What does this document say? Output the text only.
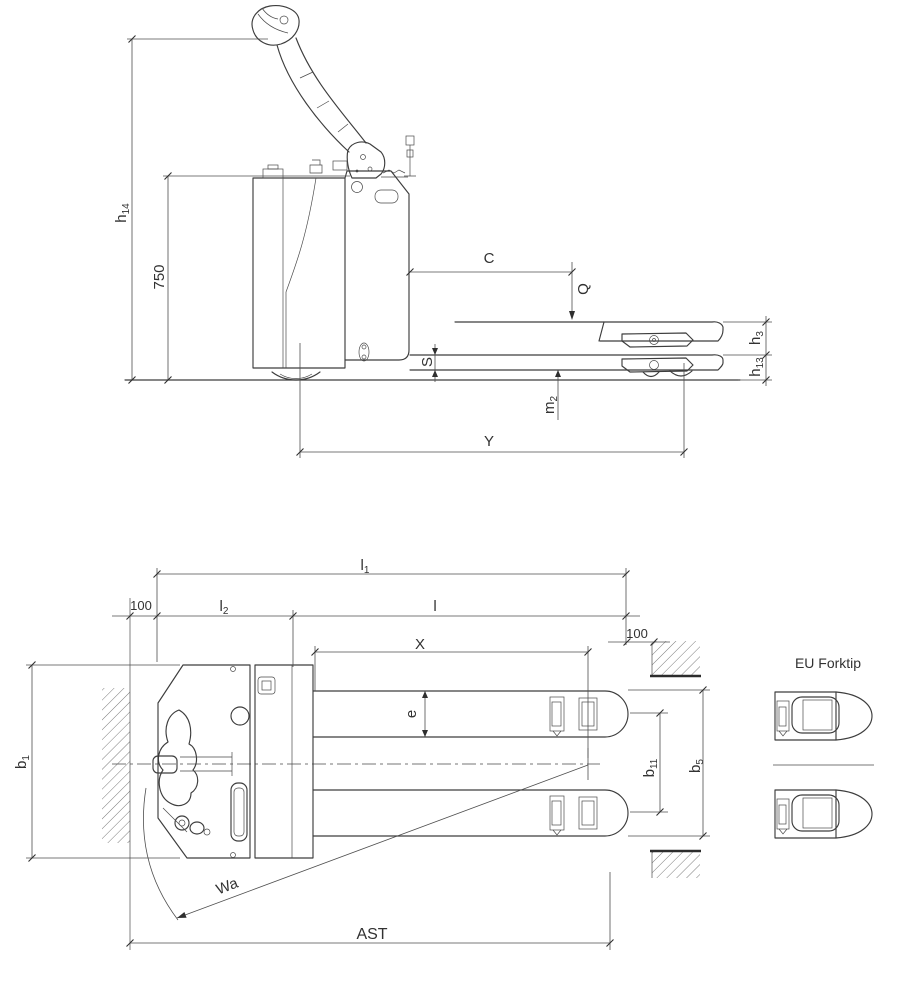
$h_{14}$
750
C
Q
S
$m_2$
Y
$h_3$
$h_{13}$
$l_1$
100	$l_2$	l
X
100
e
$b_1$
$b_{11}$ $b_5$
Wa
AST
EU Forktip
